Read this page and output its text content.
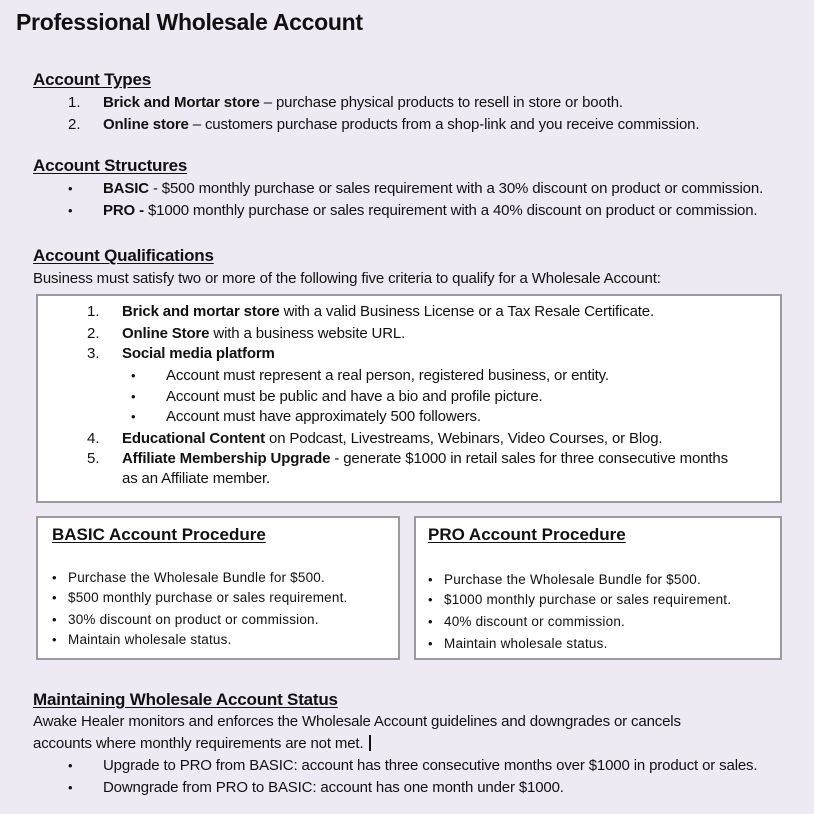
Professional Wholesale Account
Account Types
1. Brick and Mortar store – purchase physical products to resell in store or booth.
2. Online store – customers purchase products from a shop-link and you receive commission.
Account Structures
• BASIC - $500 monthly purchase or sales requirement with a 30% discount on product or commission.
• PRO - $1000 monthly purchase or sales requirement with a 40% discount on product or commission.
Account Qualifications
Business must satisfy two or more of the following five criteria to qualify for a Wholesale Account:
1. Brick and mortar store with a valid Business License or a Tax Resale Certificate.
2. Online Store with a business website URL.
3. Social media platform
• Account must represent a real person, registered business, or entity.
• Account must be public and have a bio and profile picture.
• Account must have approximately 500 followers.
4. Educational Content on Podcast, Livestreams, Webinars, Video Courses, or Blog.
5. Affiliate Membership Upgrade - generate $1000 in retail sales for three consecutive months
as an Affiliate member.
BASIC Account Procedure
• Purchase the Wholesale Bundle for $500.
• $500 monthly purchase or sales requirement.
• 30% discount on product or commission.
• Maintain wholesale status.
PRO Account Procedure
• Purchase the Wholesale Bundle for $500.
• $1000 monthly purchase or sales requirement.
• 40% discount or commission.
• Maintain wholesale status.
Maintaining Wholesale Account Status
Awake Healer monitors and enforces the Wholesale Account guidelines and downgrades or cancels
accounts where monthly requirements are not met.
• Upgrade to PRO from BASIC: account has three consecutive months over $1000 in product or sales.
• Downgrade from PRO to BASIC: account has one month under $1000.
